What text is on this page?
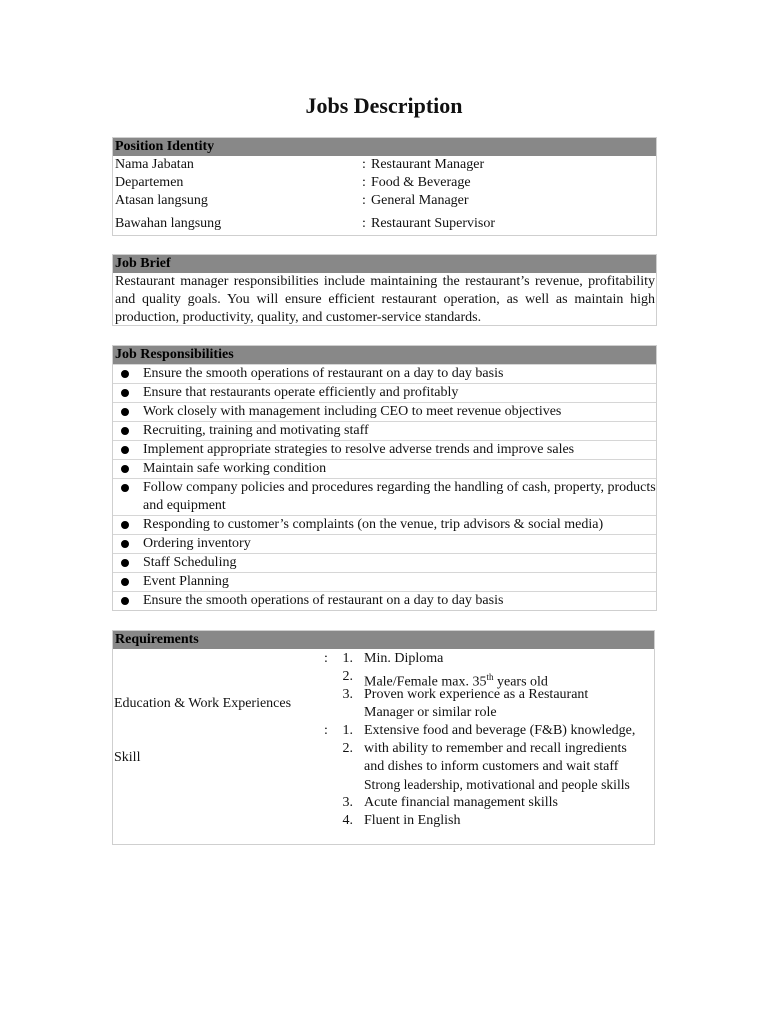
Jobs Description
Position Identity
Nama Jabatan	: Restaurant Manager
Departemen	: Food & Beverage
Atasan langsung	: General Manager
Bawahan langsung	: Restaurant Supervisor
Job Brief
Restaurant manager responsibilities include maintaining the restaurant’s revenue, profitability and quality goals. You will ensure efficient restaurant operation, as well as maintain high production, productivity, quality, and customer-service standards.
Job Responsibilities
Ensure the smooth operations of restaurant on a day to day basis
Ensure that restaurants operate efficiently and profitably
Work closely with management including CEO to meet revenue objectives
Recruiting, training and motivating staff
Implement appropriate strategies to resolve adverse trends and improve sales
Maintain safe working condition
Follow company policies and procedures regarding the handling of cash, property, products and equipment
Responding to customer’s complaints (on the venue, trip advisors & social media)
Ordering inventory
Staff Scheduling
Event Planning
Ensure the smooth operations of restaurant on a day to day basis
Requirements
Education & Work Experiences
:	1. Min. Diploma
2. Male/Female max. 35th years old
3. Proven work experience as a Restaurant
Manager or similar role
Skill
:	1. Extensive food and beverage (F&B) knowledge,
2. with ability to remember and recall ingredients
and dishes to inform customers and wait staff
Strong leadership, motivational and people skills
3. Acute financial management skills
4. Fluent in English
